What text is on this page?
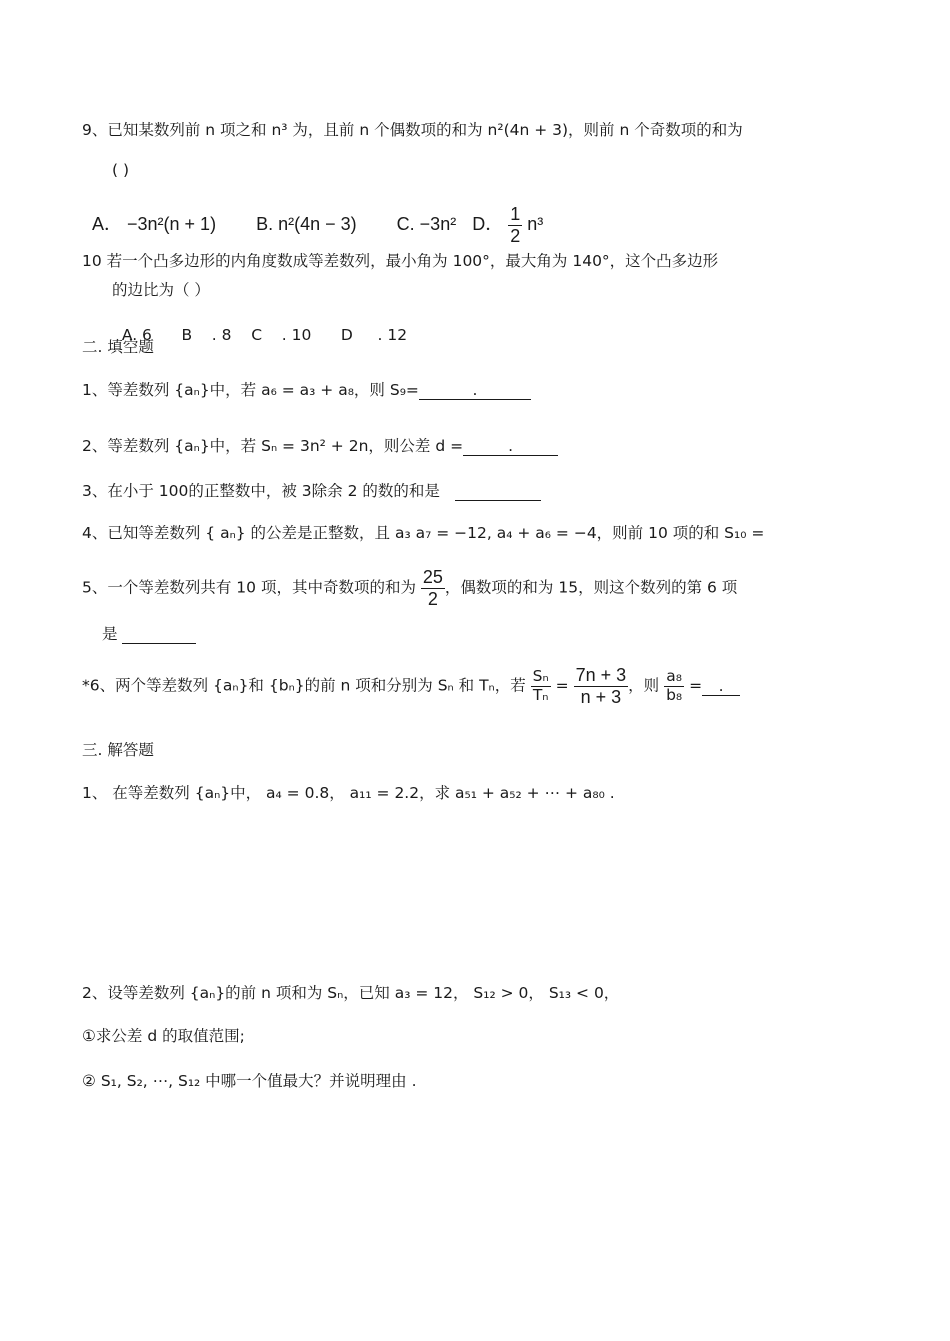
9、已知某数列前 n 项之和 n³ 为，且前 n 个偶数项的和为 n²(4n + 3)，则前 n 个奇数项的和为
( )
A． −3n²(n + 1) B. n²(4n − 3) C. −3n² D． $\frac{1}{2} n^3$
10 若一个凸多边形的内角度数成等差数列，最小角为 100°，最大角为 140°，这个凸多边形
的边比为（ ）

A. 6      B    . 8    C    . 10      D     . 12

二. 填空题
1、等差数列 {aₙ}中，若 a₆ = a₃ + a₈，则 S₉=	.
2、等差数列 {aₙ}中，若 Sₙ = 3n² + 2n，则公差 d =	.
3、在小于 100的正整数中，被 3除余 2 的数的和是
4、已知等差数列 { aₙ} 的公差是正整数，且 a₃ a₇ = −12, a₄ + a₆ = −4，则前 10 项的和 S₁₀ =
5、一个等差数列共有 10 项，其中奇数项的和为 $\frac{25}{2}$ ，偶数项的和为 15，则这个数列的第 6 项
是
*6、两个等差数列 {aₙ}和 {bₙ}的前 n 项和分别为 Sₙ 和 Tₙ，若 $\frac{\text{Sₙ}}{\text{Tₙ}} = \frac{7n + 3}{n + 3}$ ，则 $\frac{\text{a₈}}{\text{b₈}}$ =.
三. 解答题
1、 在等差数列 {aₙ}中， a₄ = 0.8， a₁₁ = 2.2，求 a₅₁ + a₅₂ + ⋯ + a₈₀ .
2、设等差数列 {aₙ}的前 n 项和为 Sₙ，已知 a₃ = 12， S₁₂ > 0， S₁₃ < 0，
①求公差 d 的取值范围;
② S₁, S₂, ⋯, S₁₂ 中哪一个值最大？并说明理由 .
